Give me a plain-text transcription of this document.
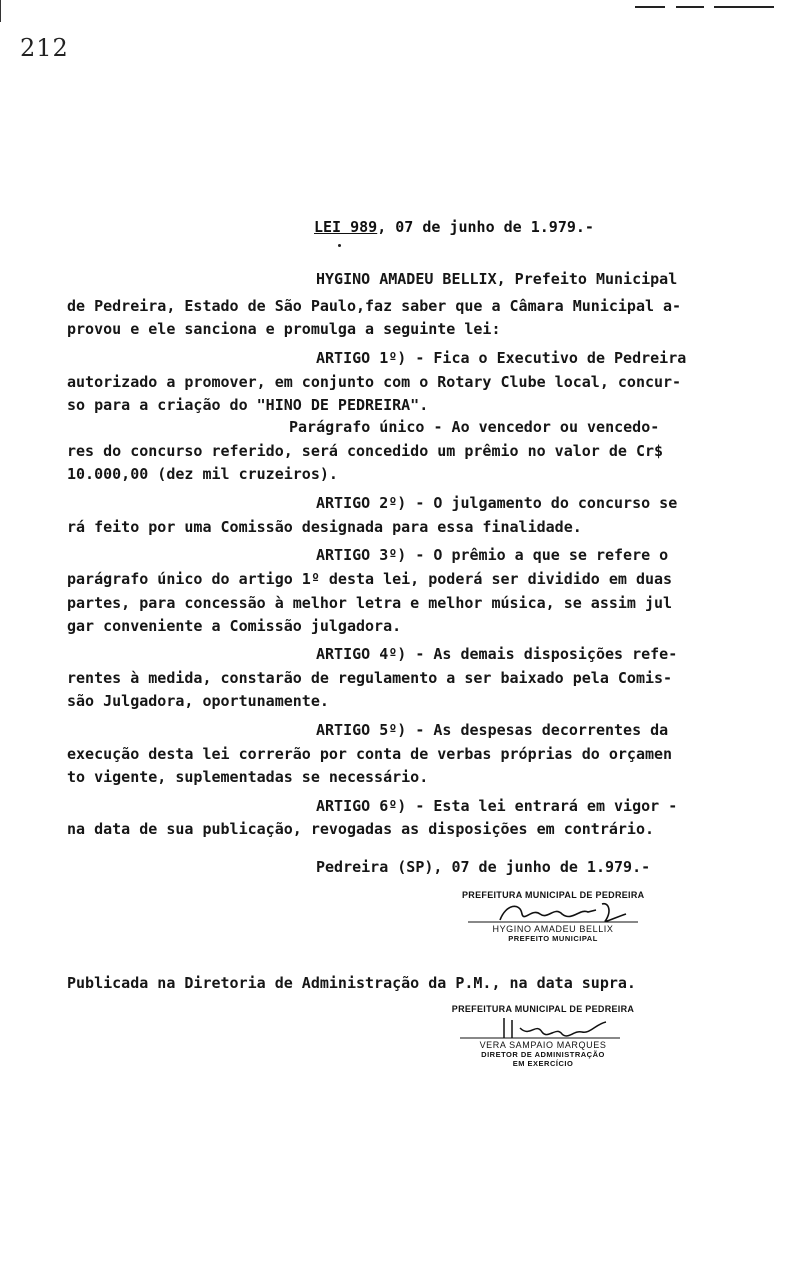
212
LEI 989, 07 de junho de 1.979.-
HYGINO AMADEU BELLIX, Prefeito Municipal
de Pedreira, Estado de São Paulo,faz saber que a Câmara Municipal a-
provou e ele sanciona e promulga a seguinte lei:
ARTIGO 1º) - Fica o Executivo de Pedreira
autorizado a promover, em conjunto com o Rotary Clube local, concur-
so para a criação do "HINO DE PEDREIRA".
Parágrafo único - Ao vencedor ou vencedo-
res do concurso referido, será concedido um prêmio no valor de Cr$
10.000,00 (dez mil cruzeiros).
ARTIGO 2º) - O julgamento do concurso se
rá feito por uma Comissão designada para essa finalidade.
ARTIGO 3º) - O prêmio a que se refere o
parágrafo único do artigo 1º desta lei, poderá ser dividido em duas
partes, para concessão à melhor letra e melhor música, se assim jul
gar conveniente a Comissão julgadora.
ARTIGO 4º) - As demais disposições refe-
rentes à medida, constarão de regulamento a ser baixado pela Comis-
são Julgadora, oportunamente.
ARTIGO 5º) - As despesas decorrentes da
execução desta lei correrão por conta de verbas próprias do orçamen
to vigente, suplementadas se necessário.
ARTIGO 6º) - Esta lei entrará em vigor -
na data de sua publicação, revogadas as disposições em contrário.
Pedreira (SP), 07 de junho de 1.979.-
PREFEITURA MUNICIPAL DE PEDREIRA
HYGINO AMADEU BELLIX
PREFEITO MUNICIPAL
Publicada na Diretoria de Administração da P.M., na data supra.
PREFEITURA MUNICIPAL DE PEDREIRA
VERA SAMPAIO MARQUES
DIRETOR DE ADMINISTRAÇÃO
EM EXERCÍCIO
